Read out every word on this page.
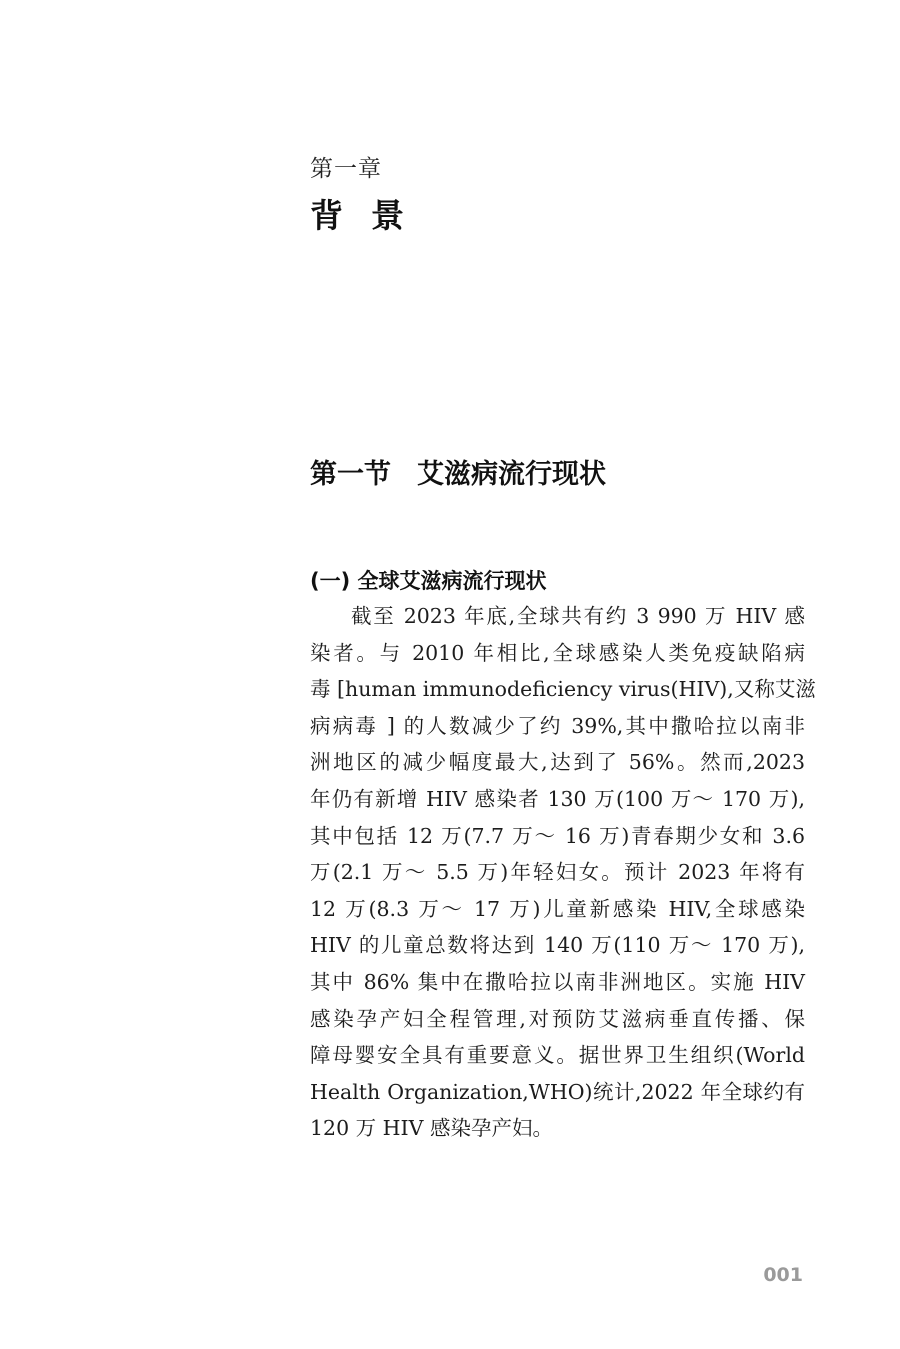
第一章
背景
第一节 艾滋病流行现状
(一) 全球艾滋病流行现状
截至 2023 年底,全球共有约 3 990 万 HIV 感
染者。与 2010 年相比,全球感染人类免疫缺陷病
毒 [human immunodeficiency virus(HIV),又称艾滋
病病毒 ] 的人数减少了约 39%,其中撒哈拉以南非
洲地区的减少幅度最大,达到了 56%。然而,2023
年仍有新增 HIV 感染者 130 万(100 万～ 170 万),
其中包括 12 万(7.7 万～ 16 万)青春期少女和 3.6
万(2.1 万～ 5.5 万)年轻妇女。预计 2023 年将有
12 万(8.3 万～ 17 万)儿童新感染 HIV,全球感染
HIV 的儿童总数将达到 140 万(110 万～ 170 万),
其中 86% 集中在撒哈拉以南非洲地区。实施 HIV
感染孕产妇全程管理,对预防艾滋病垂直传播、保
障母婴安全具有重要意义。据世界卫生组织(World
Health Organization,WHO)统计,2022 年全球约有
120 万 HIV 感染孕产妇。
001
